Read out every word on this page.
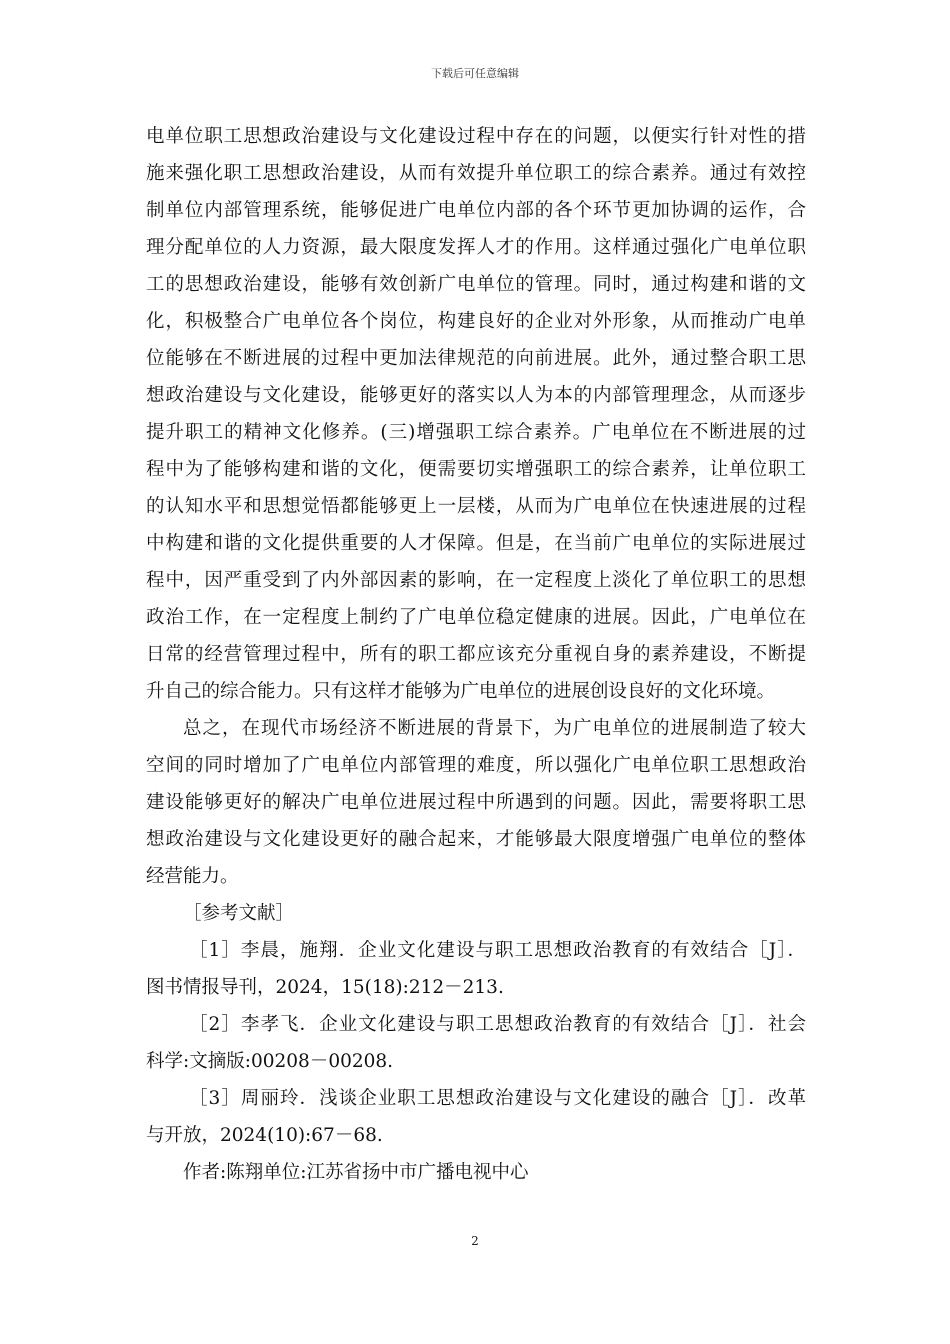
下载后可任意编辑
电单位职工思想政治建设与文化建设过程中存在的问题，以便实行针对性的措
施来强化职工思想政治建设，从而有效提升单位职工的综合素养。通过有效控
制单位内部管理系统，能够促进广电单位内部的各个环节更加协调的运作，合
理分配单位的人力资源，最大限度发挥人才的作用。这样通过强化广电单位职
工的思想政治建设，能够有效创新广电单位的管理。同时，通过构建和谐的文
化，积极整合广电单位各个岗位，构建良好的企业对外形象，从而推动广电单
位能够在不断进展的过程中更加法律规范的向前进展。此外，通过整合职工思
想政治建设与文化建设，能够更好的落实以人为本的内部管理理念，从而逐步
提升职工的精神文化修养。(三)增强职工综合素养。广电单位在不断进展的过
程中为了能够构建和谐的文化，便需要切实增强职工的综合素养，让单位职工
的认知水平和思想觉悟都能够更上一层楼，从而为广电单位在快速进展的过程
中构建和谐的文化提供重要的人才保障。但是，在当前广电单位的实际进展过
程中，因严重受到了内外部因素的影响，在一定程度上淡化了单位职工的思想
政治工作，在一定程度上制约了广电单位稳定健康的进展。因此，广电单位在
日常的经营管理过程中，所有的职工都应该充分重视自身的素养建设，不断提
升自己的综合能力。只有这样才能够为广电单位的进展创设良好的文化环境。
总之，在现代市场经济不断进展的背景下，为广电单位的进展制造了较大
空间的同时增加了广电单位内部管理的难度，所以强化广电单位职工思想政治
建设能够更好的解决广电单位进展过程中所遇到的问题。因此，需要将职工思
想政治建设与文化建设更好的融合起来，才能够最大限度增强广电单位的整体
经营能力。
［参考文献］
［1］李晨，施翔．企业文化建设与职工思想政治教育的有效结合［J］．
图书情报导刊，2024，15(18):212－213.
［2］李孝飞．企业文化建设与职工思想政治教育的有效结合［J］．社会
科学:文摘版:00208－00208.
［3］周丽玲．浅谈企业职工思想政治建设与文化建设的融合［J］．改革
与开放，2024(10):67－68.
作者:陈翔单位:江苏省扬中市广播电视中心
2
